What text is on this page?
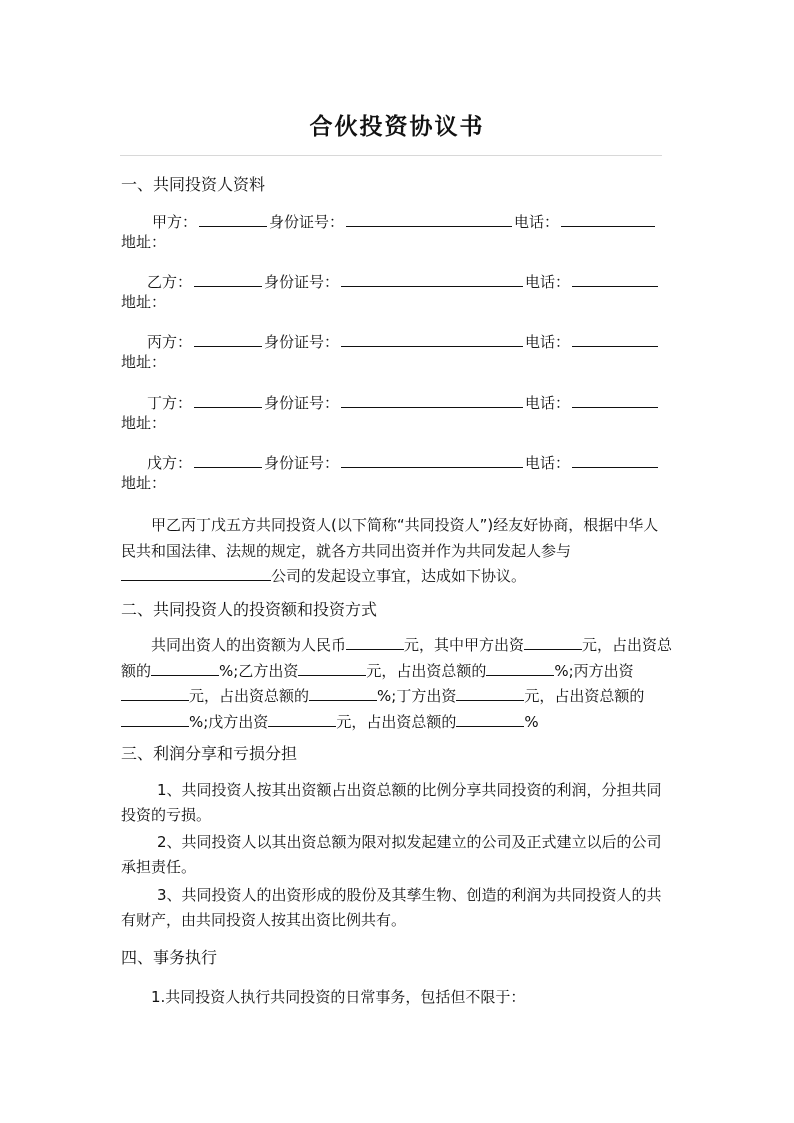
合伙投资协议书
一、共同投资人资料
甲方：	身份证号：	电话：
地址：
乙方：	身份证号：	电话：
地址：
丙方：	身份证号：	电话：
地址：
丁方：	身份证号：	电话：
地址：
戊方：	身份证号：	电话：
地址：

甲乙丙丁戊五方共同投资人(以下简称“共同投资人”)经友好协商，根据中华人民共和国法律、法规的规定，就各方共同出资并作为共同发起人参与公司的发起设立事宜，达成如下协议。

二、共同投资人的投资额和投资方式

共同出资人的出资额为人民币	元，其中甲方出资	元，占出资总额的	%;乙方出资	元，占出资总额的	%;丙方出资元，占出资总额的	%;丁方出资	元，占出资总额的%;戊方出资	元，占出资总额的	%

三、利润分享和亏损分担

1、共同投资人按其出资额占出资总额的比例分享共同投资的利润，分担共同投资的亏损。

2、共同投资人以其出资总额为限对拟发起建立的公司及正式建立以后的公司承担责任。

3、共同投资人的出资形成的股份及其孳生物、创造的利润为共同投资人的共有财产，由共同投资人按其出资比例共有。

四、事务执行

1.共同投资人执行共同投资的日常事务，包括但不限于：
